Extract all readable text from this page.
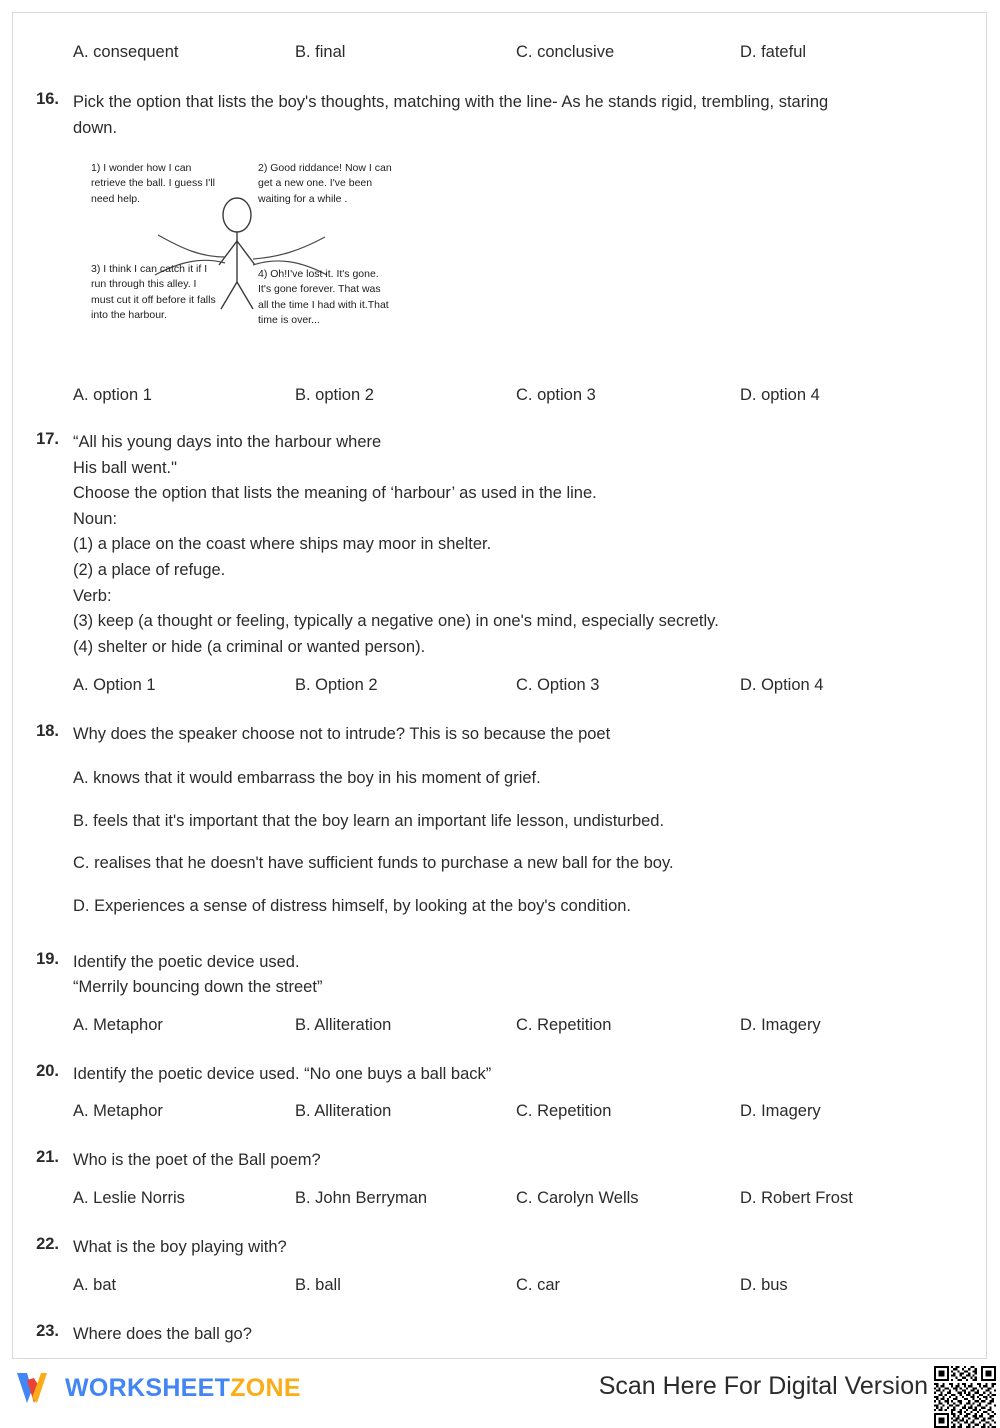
A. consequent	B. final	C. conclusive	D. fateful
16. Pick the option that lists the boy's thoughts, matching with the line- As he stands rigid, trembling, staring
down.
1) I wonder how I can retrieve the ball. I guess I'll need help.
2) Good riddance! Now I can get a new one. I've been waiting for a while .
3) I think I can catch it if I run through this alley. I must cut it off before it falls into the harbour.
4) Oh!I've lost it. It's gone. It's gone forever. That was all the time I had with it.That time is over...
A. option 1	B. option 2	C. option 3	D. option 4
17. “All his young days into the harbour where
His ball went."
Choose the option that lists the meaning of ‘harbour’ as used in the line.
Noun:
(1) a place on the coast where ships may moor in shelter.
(2) a place of refuge.
Verb:
(3) keep (a thought or feeling, typically a negative one) in one's mind, especially secretly.
(4) shelter or hide (a criminal or wanted person).
A. Option 1	B. Option 2	C. Option 3	D. Option 4
18. Why does the speaker choose not to intrude? This is so because the poet
A. knows that it would embarrass the boy in his moment of grief.
B. feels that it's important that the boy learn an important life lesson, undisturbed.
C. realises that he doesn't have sufficient funds to purchase a new ball for the boy.
D. Experiences a sense of distress himself, by looking at the boy's condition.
19. Identify the poetic device used.
“Merrily bouncing down the street”
A. Metaphor	B. Alliteration	C. Repetition	D. Imagery
20. Identify the poetic device used. “No one buys a ball back”
A. Metaphor	B. Alliteration	C. Repetition	D. Imagery
21. Who is the poet of the Ball poem?
A. Leslie Norris	B. John Berryman	C. Carolyn Wells	D. Robert Frost
22. What is the boy playing with?
A. bat	B. ball	C. car	D. bus
23. Where does the ball go?
WORKSHEETZONE	Scan Here For Digital Version
